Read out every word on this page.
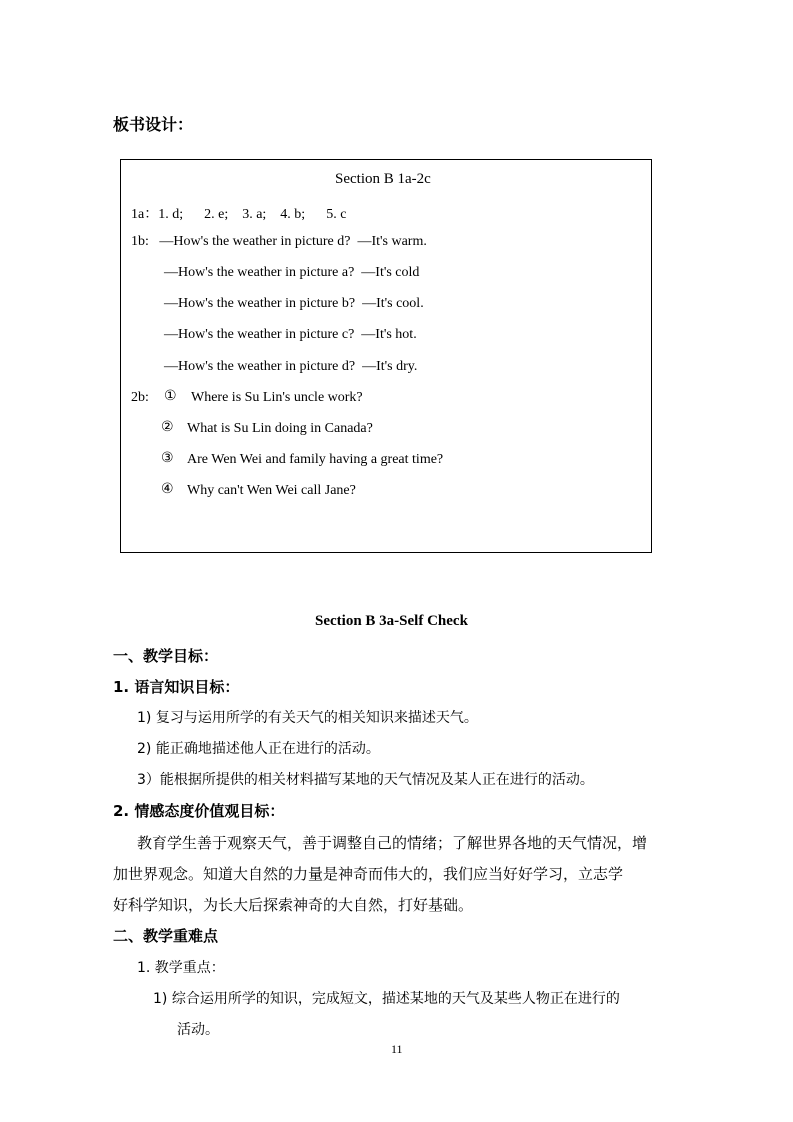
板书设计：
Section B 1a-2c
1a：1. d;      2. e;    3. a;    4. b;      5. c
1b:   ―How's the weather in picture d?  ―It's warm.
―How's the weather in picture a?  ―It's cold
―How's the weather in picture b?  ―It's cool.
―How's the weather in picture c?  ―It's hot.
―How's the weather in picture d?  ―It's dry.
2b: ① Where is Su Lin's uncle work?
② What is Su Lin doing in Canada?
③ Are Wen Wei and family having a great time?
④ Why can't Wen Wei call Jane?
Section B 3a-Self Check
一、教学目标：
1. 语言知识目标：
1) 复习与运用所学的有关天气的相关知识来描述天气。
2) 能正确地描述他人正在进行的活动。
3）能根据所提供的相关材料描写某地的天气情况及某人正在进行的活动。
2. 情感态度价值观目标：
教育学生善于观察天气，善于调整自己的情绪；了解世界各地的天气情况，增
加世界观念。知道大自然的力量是神奇而伟大的，我们应当好好学习，立志学
好科学知识，为长大后探索神奇的大自然，打好基础。
二、教学重难点
1. 教学重点：
1) 综合运用所学的知识，完成短文，描述某地的天气及某些人物正在进行的
活动。
11
